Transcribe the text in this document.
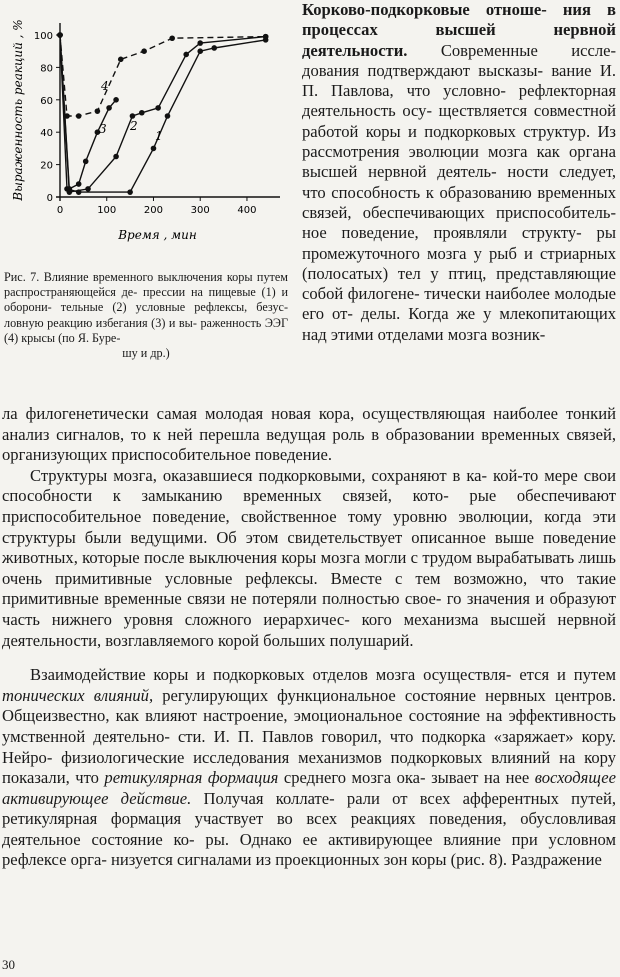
0
20
40
60
80
100
0	100	200	300	400
Время , мин
Выраженность реакций , %	1
2
3
4
Рис. 7. Влияние временного выключения коры путем распространяющейся де- прессии на пищевые (1) и оборони- тельные (2) условные рефлексы, безус- ловную реакцию избегания (3) и вы- раженность ЭЭГ (4) крысы (по Я. Буре-
шу и др.)

Корково-подкорковые отноше- ния в процессах высшей нервной деятельности. Современные иссле- дования подтверждают высказы- вание И. П. Павлова, что условно- рефлекторная деятельность осу- ществляется совместной работой коры и подкорковых структур. Из рассмотрения эволюции мозга как органа высшей нервной деятель- ности следует, что способность к образованию временных связей, обеспечивающих приспособитель- ное поведение, проявляли структу- ры промежуточного мозга у рыб и стриарных (полосатых) тел у птиц, представляющие собой филогене- тически наиболее молодые его от- делы. Когда же у млекопитающих над этими отделами мозга возник-

ла филогенетически самая молодая новая кора, осуществляющая наиболее тонкий анализ сигналов, то к ней перешла ведущая роль в образовании временных связей, организующих приспособительное поведение.

Структуры мозга, оказавшиеся подкорковыми, сохраняют в ка- кой-то мере свои способности к замыканию временных связей, кото- рые обеспечивают приспособительное поведение, свойственное тому уровню эволюции, когда эти структуры были ведущими. Об этом свидетельствует описанное выше поведение животных, которые после выключения коры мозга могли с трудом вырабатывать лишь очень примитивные условные рефлексы. Вместе с тем возможно, что такие примитивные временные связи не потеряли полностью свое- го значения и образуют часть нижнего уровня сложного иерархичес- кого механизма высшей нервной деятельности, возглавляемого корой больших полушарий.

Взаимодействие коры и подкорковых отделов мозга осуществля- ется и путем тонических влияний, регулирующих функциональное состояние нервных центров. Общеизвестно, как влияют настроение, эмоциональное состояние на эффективность умственной деятельно- сти. И. П. Павлов говорил, что подкорка «заряжает» кору. Нейро- физиологические исследования механизмов подкорковых влияний на кору показали, что ретикулярная формация среднего мозга ока- зывает на нее восходящее активирующее действие. Получая коллате- рали от всех афферентных путей, ретикулярная формация участвует во всех реакциях поведения, обусловливая деятельное состояние ко- ры. Однако ее активирующее влияние при условном рефлексе орга- низуется сигналами из проекционных зон коры (рис. 8). Раздражение

30
